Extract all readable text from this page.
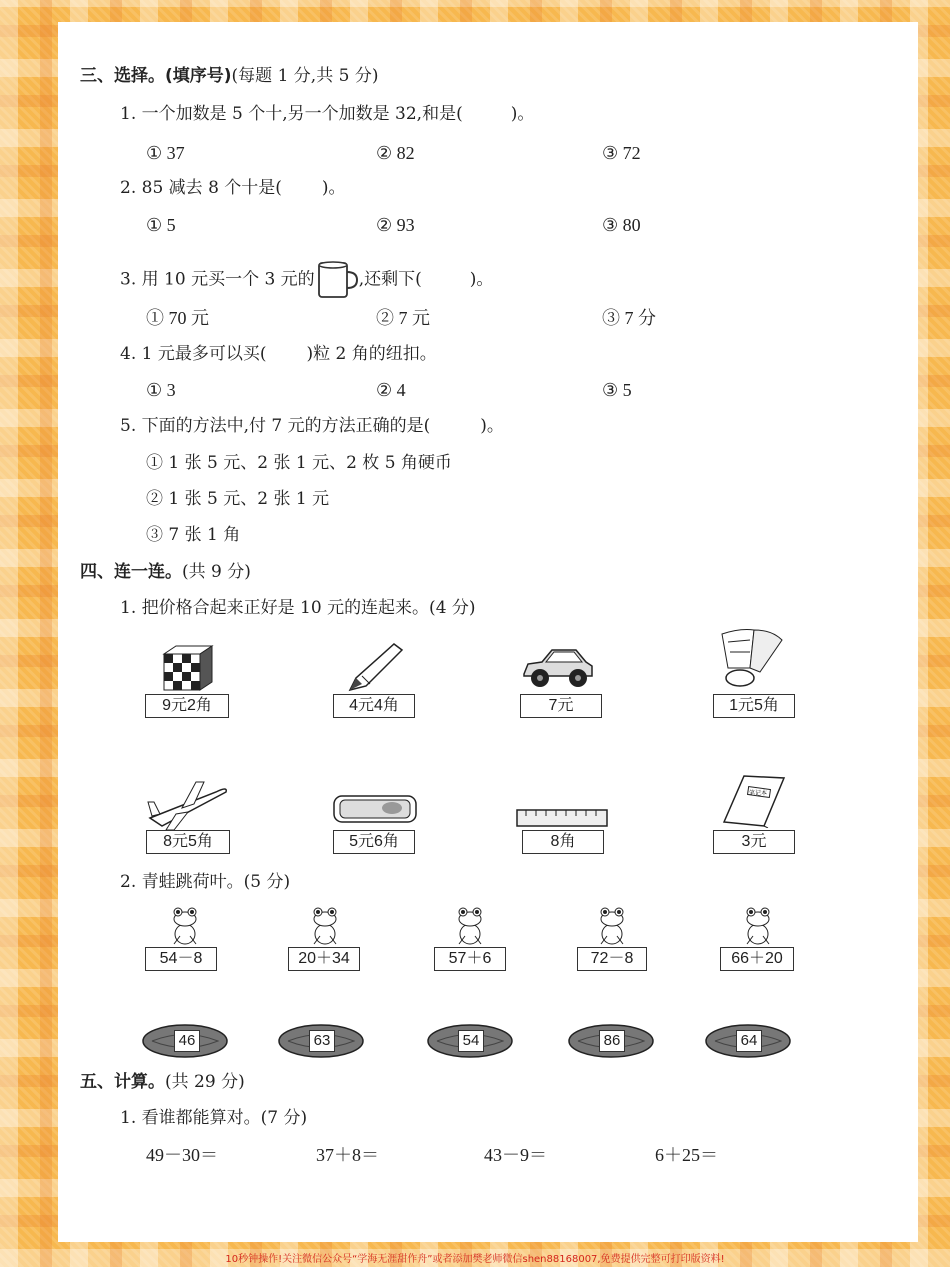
三、选择。(填序号)(每题 1 分,共 5 分)
1. 一个加数是 5 个十,另一个加数是 32,和是(	)。
① 37	② 82	③ 72
2. 85 减去 8 个十是( )。
① 5	② 93	③ 80
3. 用 10 元买一个 3 元的	,还剩下(	)。
① 70 元	② 7 元	③ 7 分
4. 1 元最多可以买( )粒 2 角的纽扣。
① 3	② 4	③ 5
5. 下面的方法中,付 7 元的方法正确的是(	)。
① 1 张 5 元、2 张 1 元、2 枚 5 角硬币
② 1 张 5 元、2 张 1 元
③ 7 张 1 角
四、连一连。(共 9 分)
1. 把价格合起来正好是 10 元的连起来。(4 分)
9元2角	4元4角	7元	1元5角
8元5角	5元6角	8角
笔记本
3元
2. 青蛙跳荷叶。(5 分)
54－8	20＋34	57＋6	72－8	66＋20
46	63	54	86	64
五、计算。(共 29 分)
1. 看谁都能算对。(7 分)
49－30＝	37＋8＝	43－9＝	6＋25＝
10秒钟操作!关注微信公众号“学海无涯甜作舟”或者添加樊老师微信shen88168007,免费提供完整可打印版资料!
